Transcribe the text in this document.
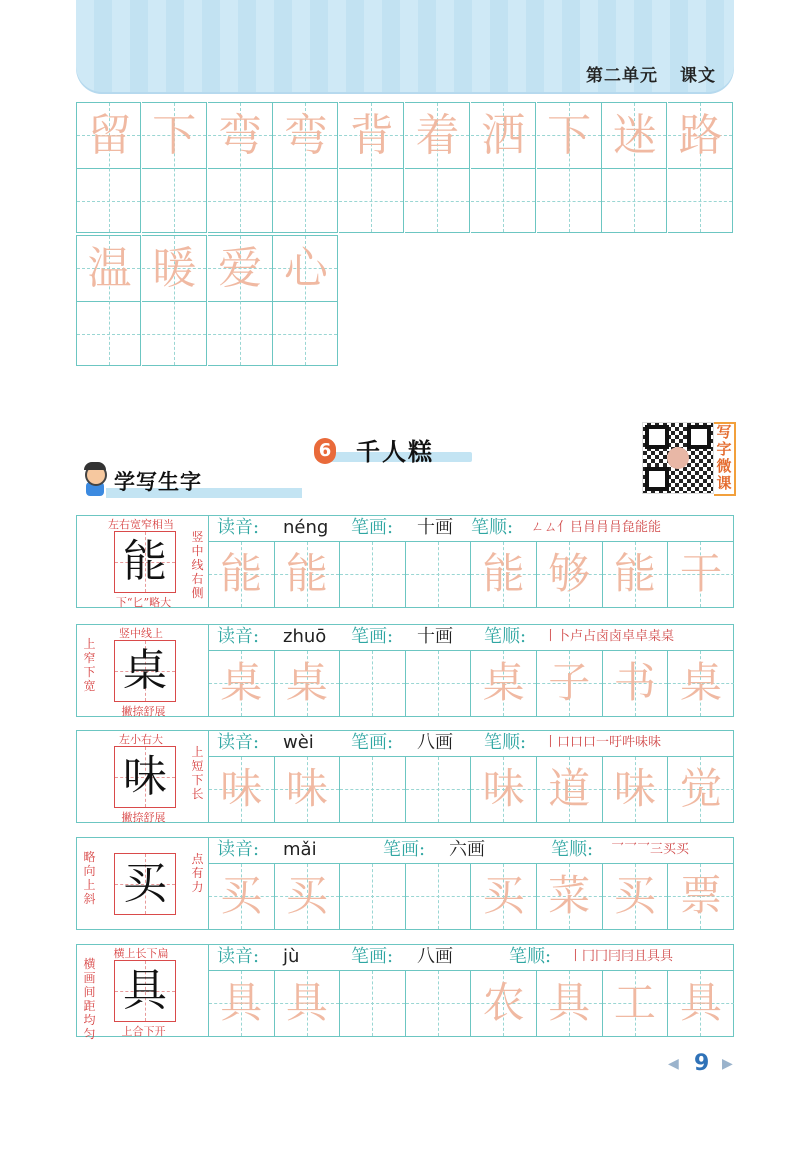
第二单元 课文
留 下 弯 弯 背 着 洒 下 迷 路
温 暖 爱 心
6 千人糕
写字微课
学写生字
能
左右宽窄相当
下“匕”略大
竖中线右侧
读音: néng 笔画: 十画 笔顺: ㄥㄙ亻㠯肙肙肙㲋能能
能 能	能 够 能 干
桌
竖中线上
撇捺舒展
上窄下宽
读音: zhuō 笔画: 十画 笔顺: 丨卜卢占卤卤卓卓桌桌
桌 桌	桌 子 书 桌
味
左小右大
撇捺舒展
上短下长
读音: wèi 笔画: 八画 笔顺: 丨口口口一吁吽味味
味 味	味 道 味 觉
买	点有力
略向上斜
读音: mǎi	笔画: 六画	笔顺: 乛乛乛三买买
买 买	买 菜 买 票
具
横上长下扁
上合下开
横画间距均匀
读音: jù	笔画: 八画	笔顺: 丨冂冂冃冃且具具
具 具	农 具 工 具
◀ 9 ▶
